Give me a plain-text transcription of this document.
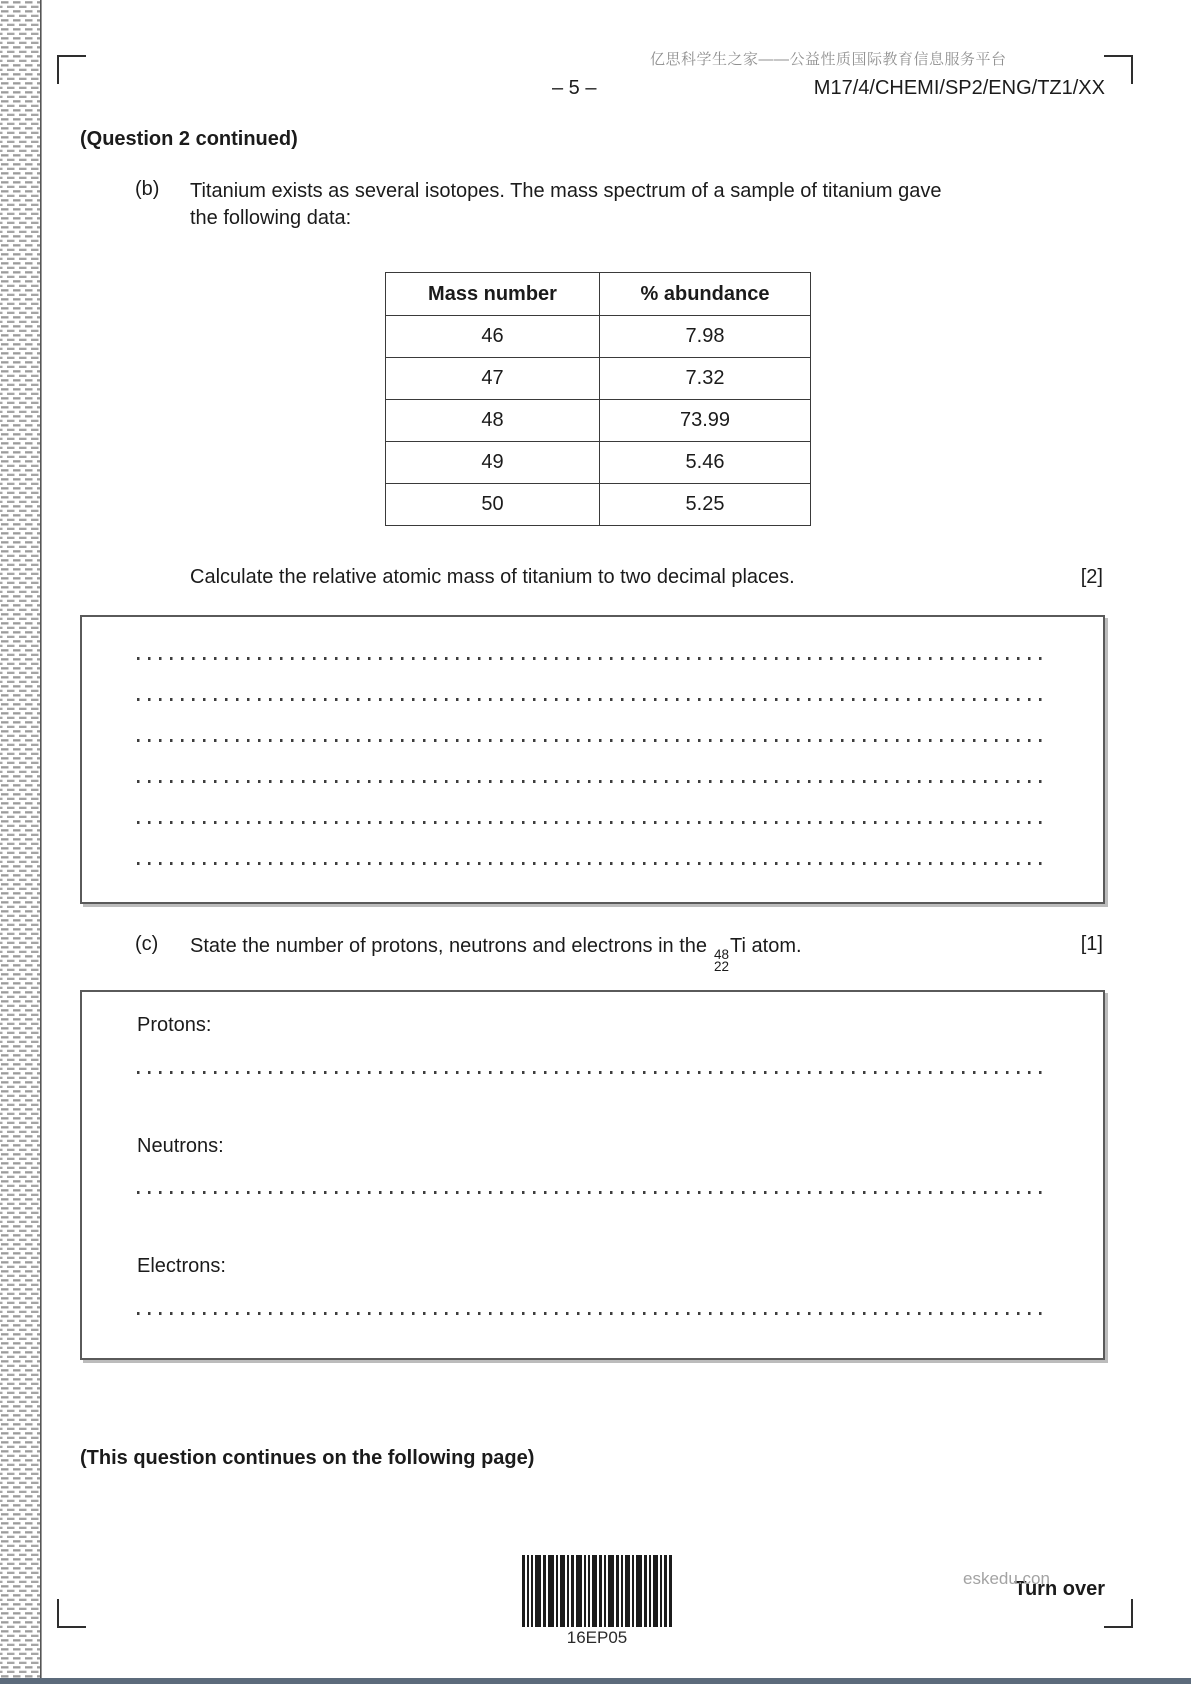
亿思科学生之家——公益性质国际教育信息服务平台
– 5 –	M17/4/CHEMI/SP2/ENG/TZ1/XX
(Question 2 continued)
(b) Titanium exists as several isotopes. The mass spectrum of a sample of titanium gave
the following data:
Mass number	% abundance
46	7.98
47	7.32
48	73.99
49	5.46
50	5.25
Calculate the relative atomic mass of titanium to two decimal places.	[2]
(c) State the number of protons, neutrons and electrons in the 48
22
Ti atom.	[1]
Protons:
Neutrons:
Electrons:
(This question continues on the following page)
16EP05
eskedu.con
Turn over
